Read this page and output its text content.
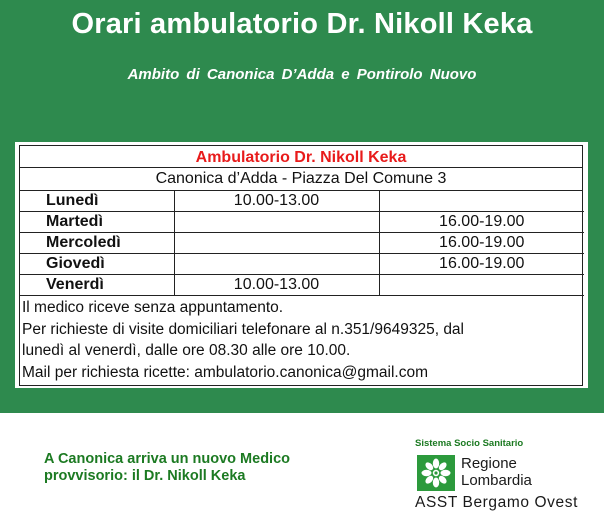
Orari ambulatorio Dr. Nikoll Keka
Ambito di Canonica D’Adda e Pontirolo Nuovo
Ambulatorio Dr. Nikoll Keka
Canonica d’Adda - Piazza Del Comune 3
Lunedì	10.00-13.00	
Martedì		16.00-19.00
Mercoledì		16.00-19.00
Giovedì		16.00-19.00
Venerdì	10.00-13.00	
Il medico riceve senza appuntamento.
Per richieste di visite domiciliari telefonare al n.351/9649325, dal
lunedì al venerdì, dalle ore 08.30 alle ore 10.00.
Mail per richiesta ricette: ambulatorio.canonica@gmail.com
A Canonica arriva un nuovo Medico
provvisorio: il Dr. Nikoll Keka
Sistema Socio Sanitario
Regione
Lombardia
ASST Bergamo Ovest
